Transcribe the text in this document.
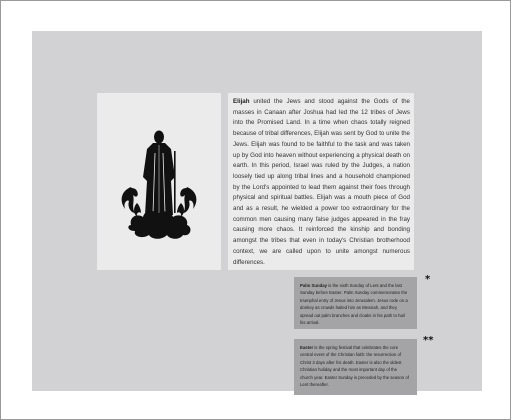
Elijah united the Jews and stood against the Gods of the masses in Canaan after Joshua had led the 12 tribes of Jews into the Promised Land. In a time when chaos totally reigned because of tribal differences, Elijah was sent by God to unite the Jews. Elijah was found to be faithful to the task and was taken up by God into heaven without experiencing a physical death on earth. In this period, Israel was ruled by the Judges, a nation loosely tied up along tribal lines and a household championed by the Lord's appointed to lead them against their foes through physical and spiritual battles. Elijah was a mouth piece of God and as a result, he wielded a power too extraordinary for the common men causing many false judges appeared in the fray causing more chaos. It reinforced the kinship and bonding amongst the tribes that even in today's Christian brotherhood context, we are called upon to unite amongst numerous differences.
Palm Sunday is the sixth Sunday of Lent and the last Sunday before Easter. Palm Sunday commemorates the triumphal entry of Jesus into Jerusalem. Jesus rode on a donkey as crowds hailed him as Messiah, and they spread out palm branches and cloaks in his path to hail his arrival.
*
Easter is the spring festival that celebrates the core central event of the Christian faith: the resurrection of Christ 3 days after his death. Easter is also the oldest Christian holiday and the most important day of the church year. Easter Sunday is preceded by the season of Lent thereafter.
**
